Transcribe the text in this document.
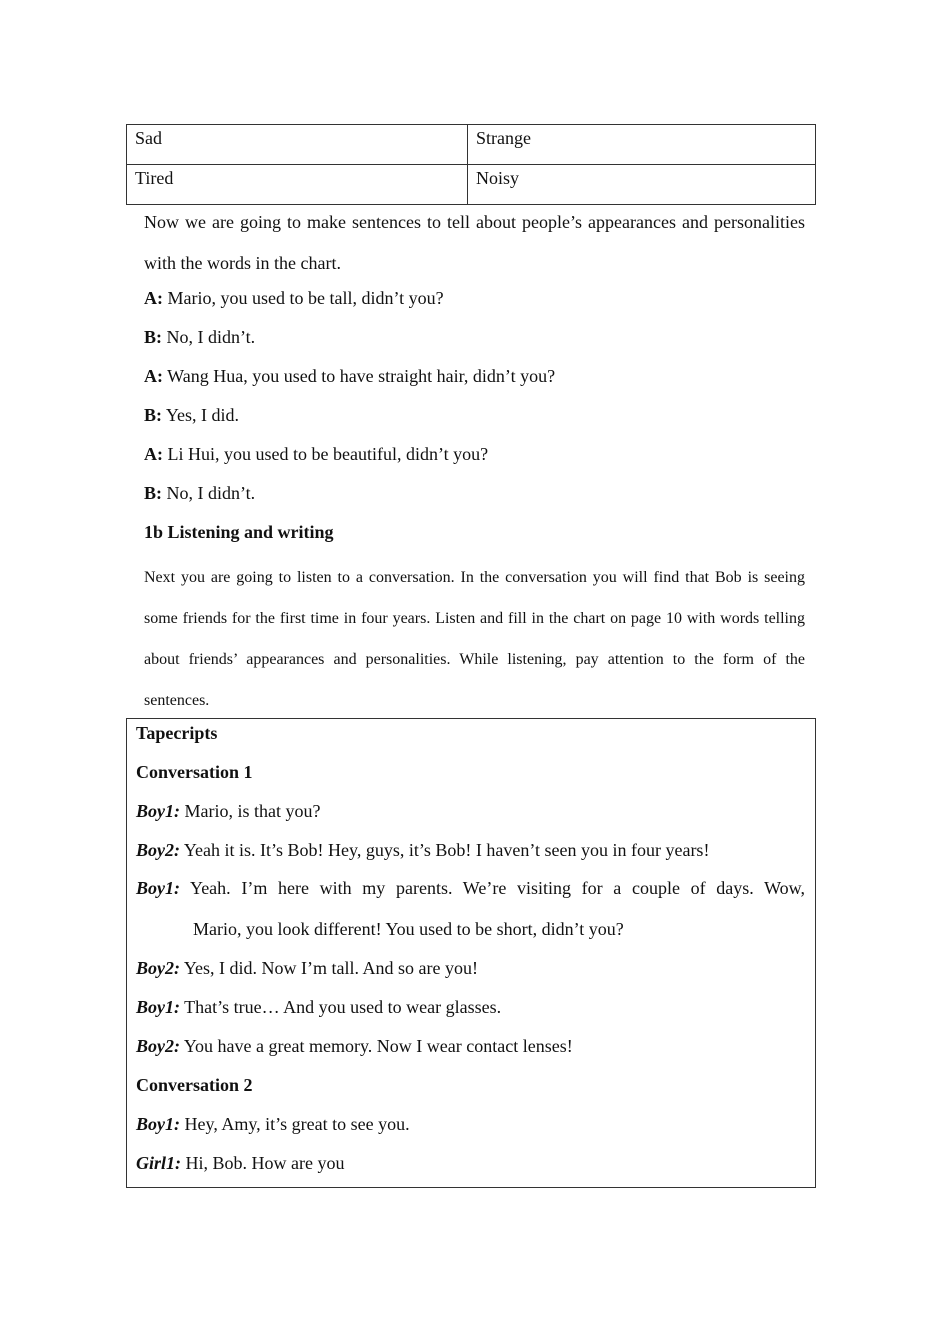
Sad	Strange
Tired	Noisy
Now we are going to make sentences to tell about people’s appearances and personalities with the words in the chart.
A: Mario, you used to be tall, didn’t you?
B: No, I didn’t.
A: Wang Hua, you used to have straight hair, didn’t you?
B: Yes, I did.
A: Li Hui, you used to be beautiful, didn’t you?
B: No, I didn’t.
1b Listening and writing
Next you are going to listen to a conversation. In the conversation you will find that Bob is seeing some friends for the first time in four years. Listen and fill in the chart on page 10 with words telling about friends’ appearances and personalities. While listening, pay attention to the form of the sentences.
Tapecripts
Conversation 1
Boy1: Mario, is that you?
Boy2: Yeah it is. It’s Bob! Hey, guys, it’s Bob! I haven’t seen you in four years!
Boy1: Yeah. I’m here with my parents. We’re visiting for a couple of days. Wow,
Mario, you look different! You used to be short, didn’t you?
Boy2: Yes, I did. Now I’m tall. And so are you!
Boy1: That’s true… And you used to wear glasses.
Boy2: You have a great memory. Now I wear contact lenses!
Conversation 2
Boy1: Hey, Amy, it’s great to see you.
Girl1: Hi, Bob. How are you
